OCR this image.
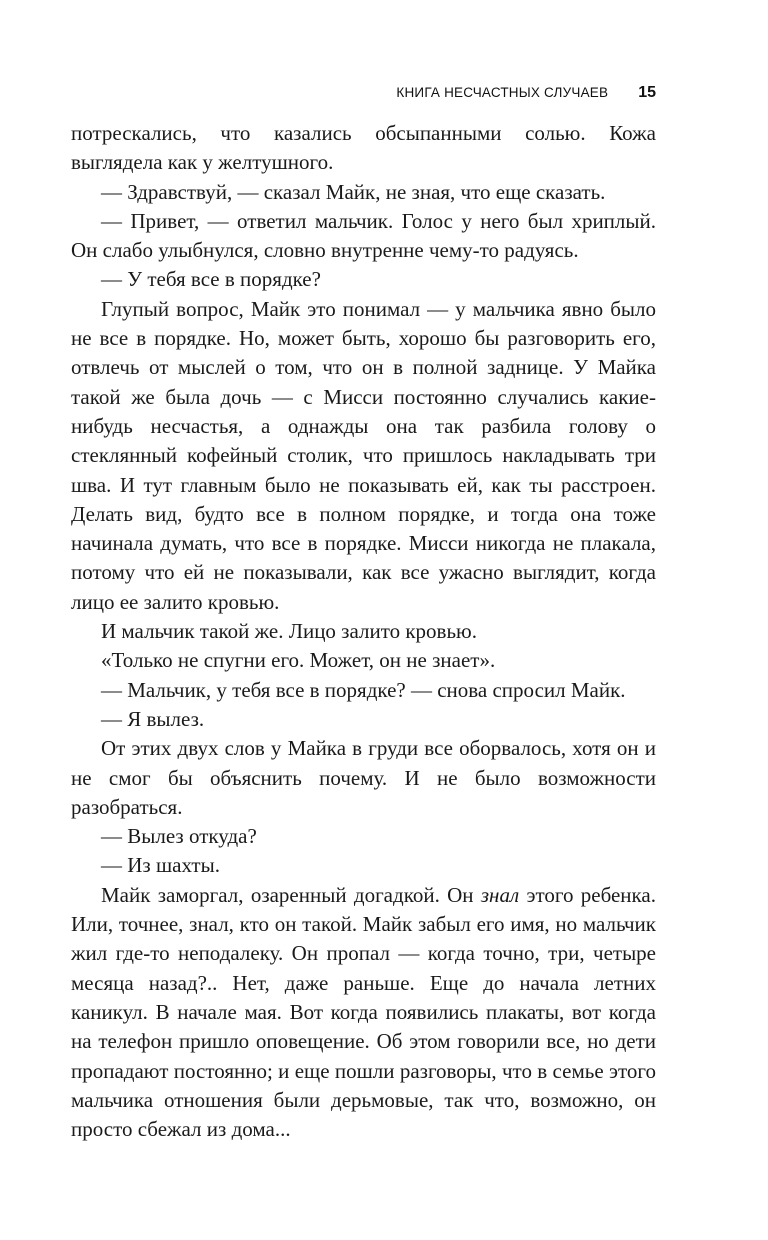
КНИГА НЕСЧАСТНЫХ СЛУЧАЕВ 15

потрескались, что казались обсыпанными солью. Кожа выглядела как у желтушного.

— Здравствуй, — сказал Майк, не зная, что еще сказать.

— Привет, — ответил мальчик. Голос у него был хриплый. Он слабо улыбнулся, словно внутренне чему-то радуясь.

— У тебя все в порядке?

Глупый вопрос, Майк это понимал — у мальчика явно было не все в порядке. Но, может быть, хорошо бы разговорить его, отвлечь от мыслей о том, что он в полной заднице. У Майка такой же была дочь — с Мисси постоянно случались какие-нибудь несчастья, а однажды она так разбила голову о стеклянный кофейный столик, что пришлось накладывать три шва. И тут главным было не показывать ей, как ты расстроен. Делать вид, будто все в полном порядке, и тогда она тоже начинала думать, что все в порядке. Мисси никогда не плакала, потому что ей не показывали, как все ужасно выглядит, когда лицо ее залито кровью.

И мальчик такой же. Лицо залито кровью.

«Только не спугни его. Может, он не знает».

— Мальчик, у тебя все в порядке? — снова спросил Майк.

— Я вылез.

От этих двух слов у Майка в груди все оборвалось, хотя он и не смог бы объяснить почему. И не было возможности разобраться.

— Вылез откуда?

— Из шахты.

Майк заморгал, озаренный догадкой. Он знал этого ребенка. Или, точнее, знал, кто он такой. Майк забыл его имя, но мальчик жил где-то неподалеку. Он пропал — когда точно, три, четыре месяца назад?.. Нет, даже раньше. Еще до начала летних каникул. В начале мая. Вот когда появились плакаты, вот когда на телефон пришло оповещение. Об этом говорили все, но дети пропадают постоянно; и еще пошли разговоры, что в семье этого мальчика отношения были дерьмовые, так что, возможно, он просто сбежал из дома...
